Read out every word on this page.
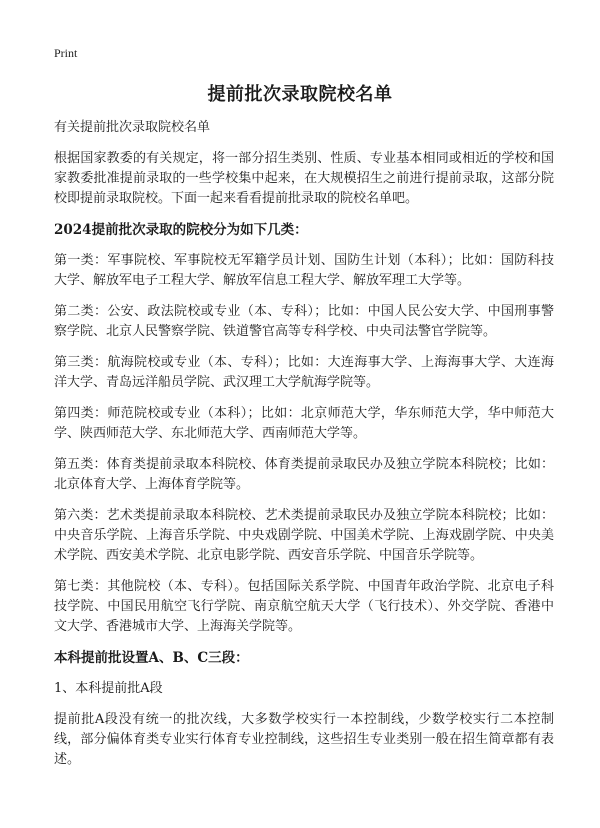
Print
提前批次录取院校名单

有关提前批次录取院校名单

根据国家教委的有关规定，将一部分招生类别、性质、专业基本相同或相近的学校和国家教委批准提前录取的一些学校集中起来，在大规模招生之前进行提前录取，这部分院校即提前录取院校。下面一起来看看提前批录取的院校名单吧。

2024提前批次录取的院校分为如下几类：

第一类：军事院校、军事院校无军籍学员计划、国防生计划（本科）；比如：国防科技大学、解放军电子工程大学、解放军信息工程大学、解放军理工大学等。

第二类：公安、政法院校或专业（本、专科）；比如：中国人民公安大学、中国刑事警察学院、北京人民警察学院、铁道警官高等专科学校、中央司法警官学院等。

第三类：航海院校或专业（本、专科）；比如：大连海事大学、上海海事大学、大连海洋大学、青岛远洋船员学院、武汉理工大学航海学院等。

第四类：师范院校或专业（本科）；比如：北京师范大学，华东师范大学，华中师范大学、陕西师范大学、东北师范大学、西南师范大学等。

第五类：体育类提前录取本科院校、体育类提前录取民办及独立学院本科院校；比如：北京体育大学、上海体育学院等。

第六类：艺术类提前录取本科院校、艺术类提前录取民办及独立学院本科院校；比如：中央音乐学院、上海音乐学院、中央戏剧学院、中国美术学院、上海戏剧学院、中央美术学院、西安美术学院、北京电影学院、西安音乐学院、中国音乐学院等。

第七类：其他院校（本、专科）。包括国际关系学院、中国青年政治学院、北京电子科技学院、中国民用航空飞行学院、南京航空航天大学（飞行技术）、外交学院、香港中文大学、香港城市大学、上海海关学院等。

本科提前批设置A、B、C三段：

1、本科提前批A段

提前批A段没有统一的批次线，大多数学校实行一本控制线，少数学校实行二本控制线，部分偏体育类专业实行体育专业控制线，这些招生专业类别一般在招生简章都有表述。
